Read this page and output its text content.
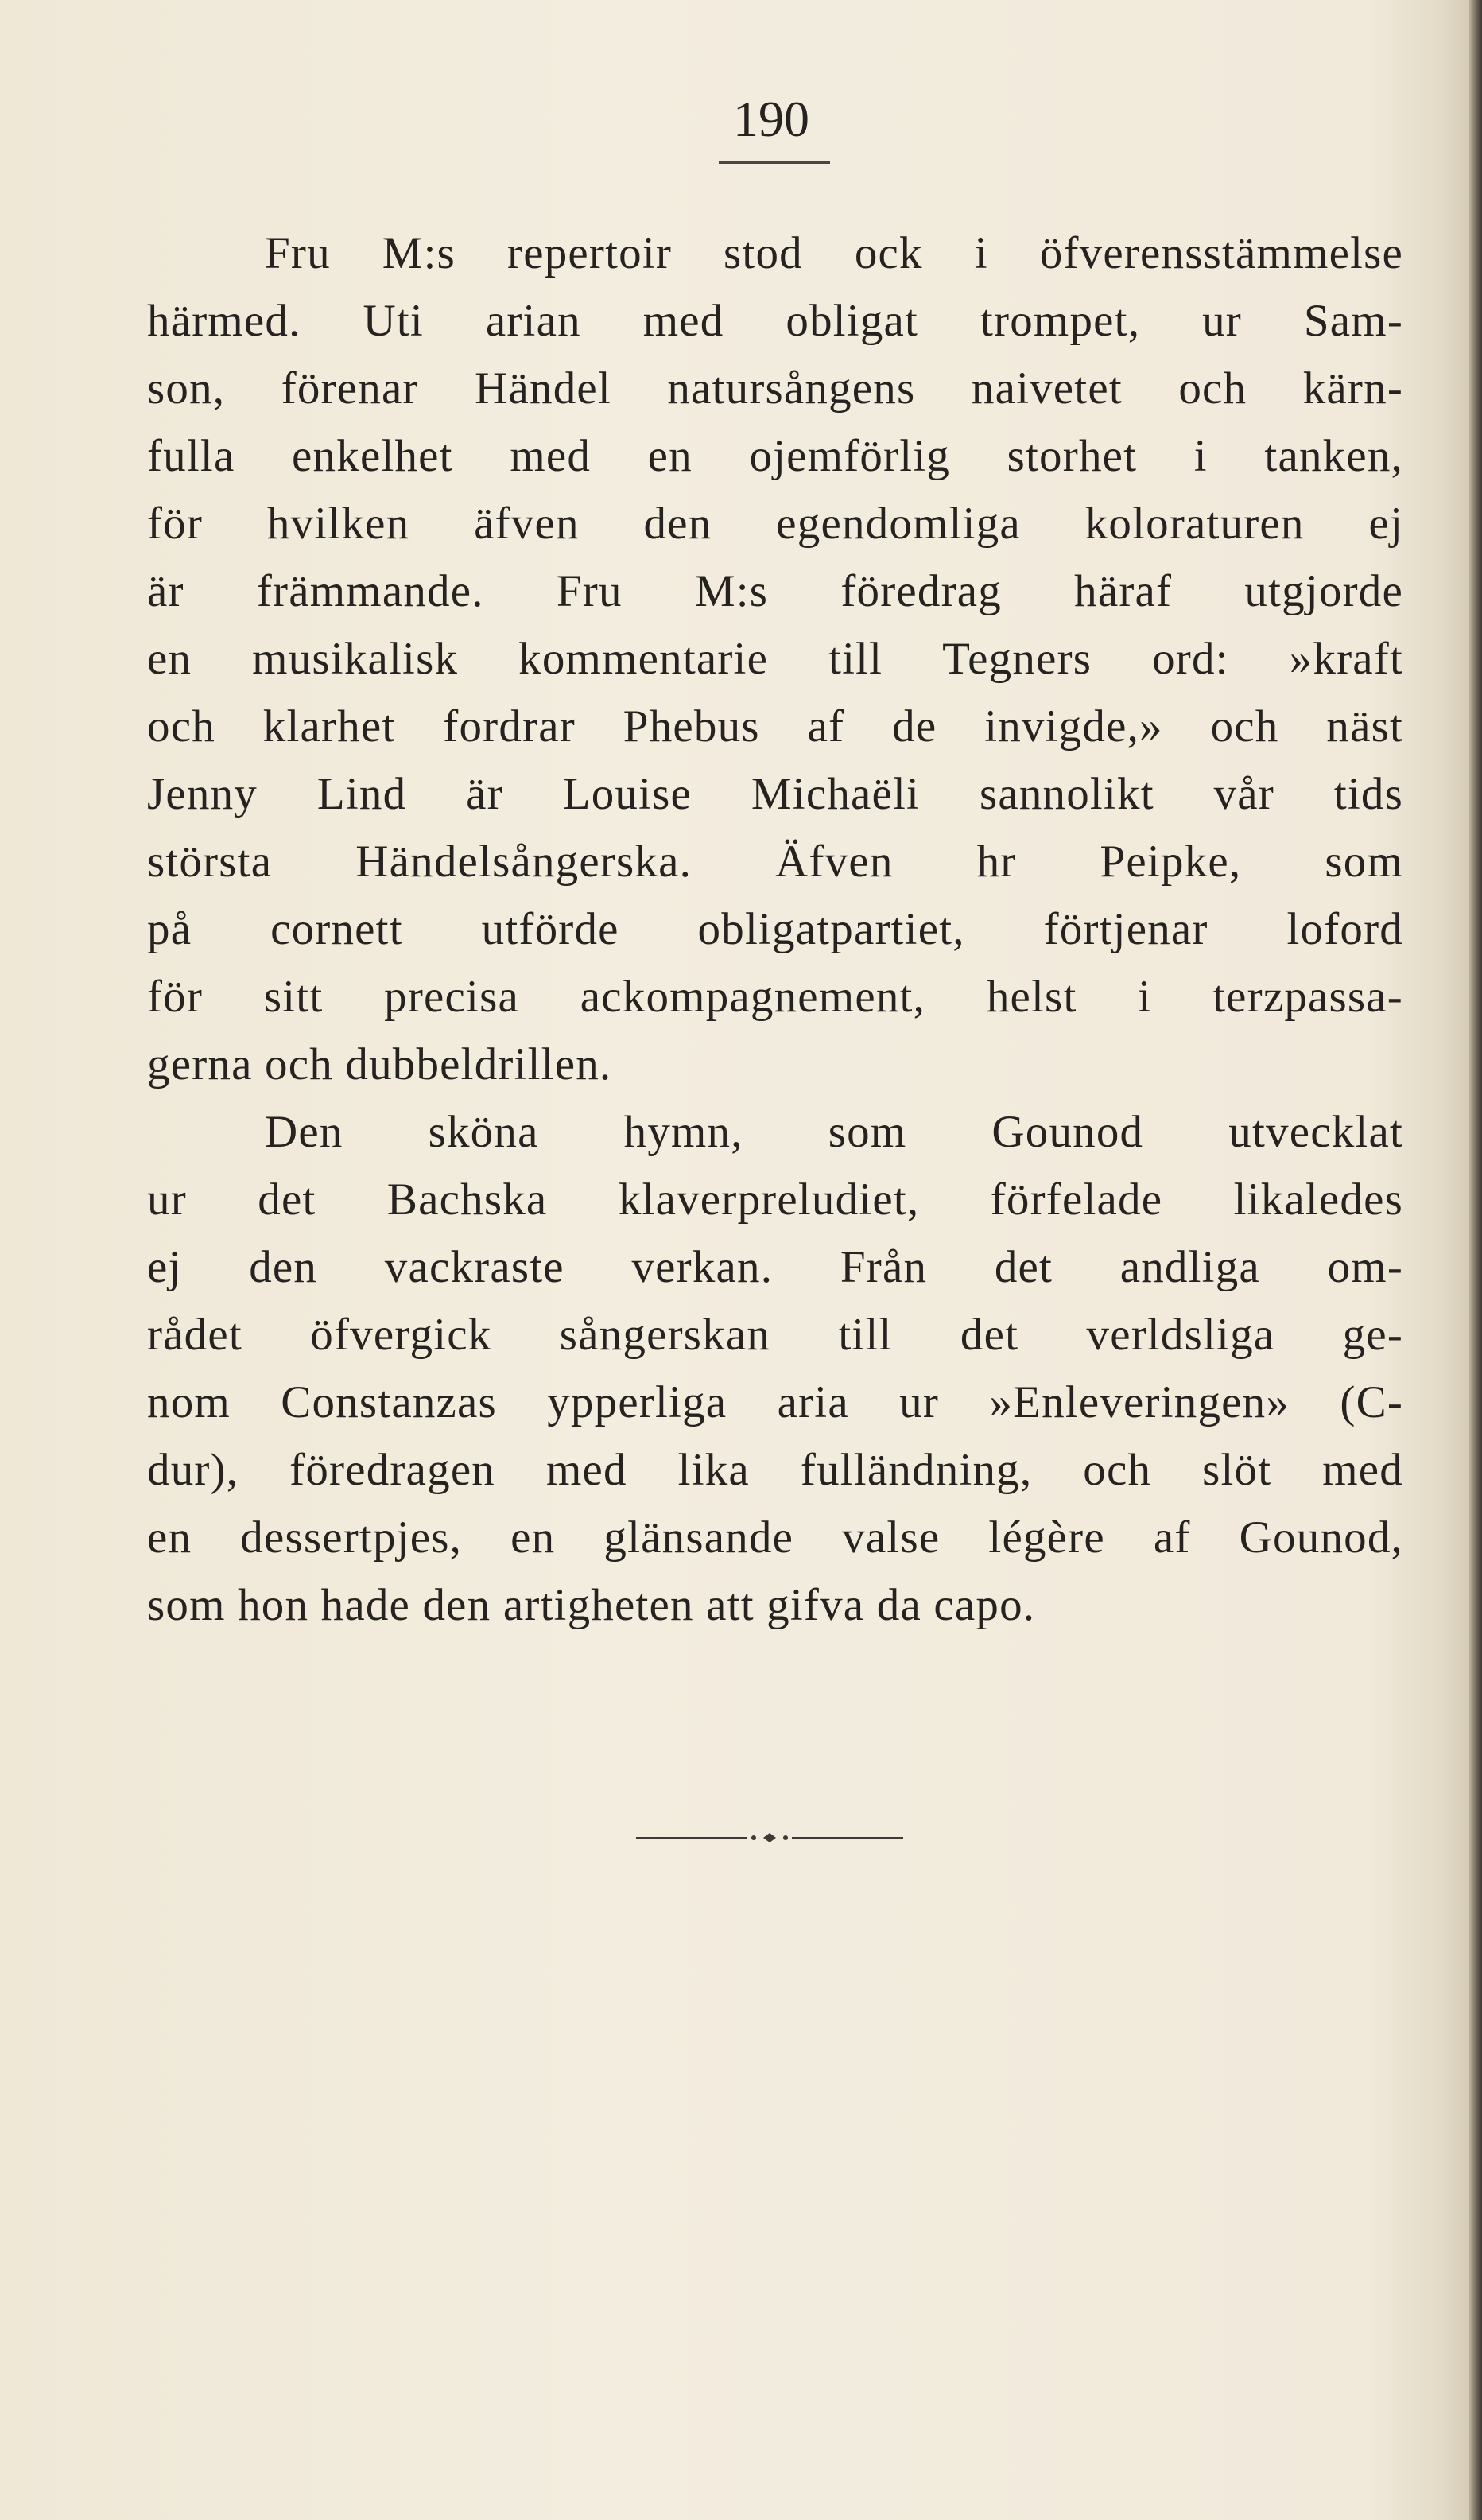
190
Fru M:s repertoir stod ock i öfverensstämmelse
härmed. Uti arian med obligat trompet, ur Sam-
son, förenar Händel natursångens naivetet och kärn-
fulla enkelhet med en ojemförlig storhet i tanken,
för hvilken äfven den egendomliga koloraturen ej
är främmande. Fru M:s föredrag häraf utgjorde
en musikalisk kommentarie till Tegners ord: »kraft
och klarhet fordrar Phebus af de invigde,» och näst
Jenny Lind är Louise Michaëli sannolikt vår tids
största Händelsångerska. Äfven hr Peipke, som
på cornett utförde obligatpartiet, förtjenar loford
för sitt precisa ackompagnement, helst i terzpassa-
gerna och dubbeldrillen.
Den sköna hymn, som Gounod utvecklat
ur det Bachska klaverpreludiet, förfelade likaledes
ej den vackraste verkan. Från det andliga om-
rådet öfvergick sångerskan till det verldsliga ge-
nom Constanzas ypperliga aria ur »Enleveringen» (C-
dur), föredragen med lika fulländning, och slöt med
en dessertpjes, en glänsande valse légère af Gounod,
som hon hade den artigheten att gifva da capo.
